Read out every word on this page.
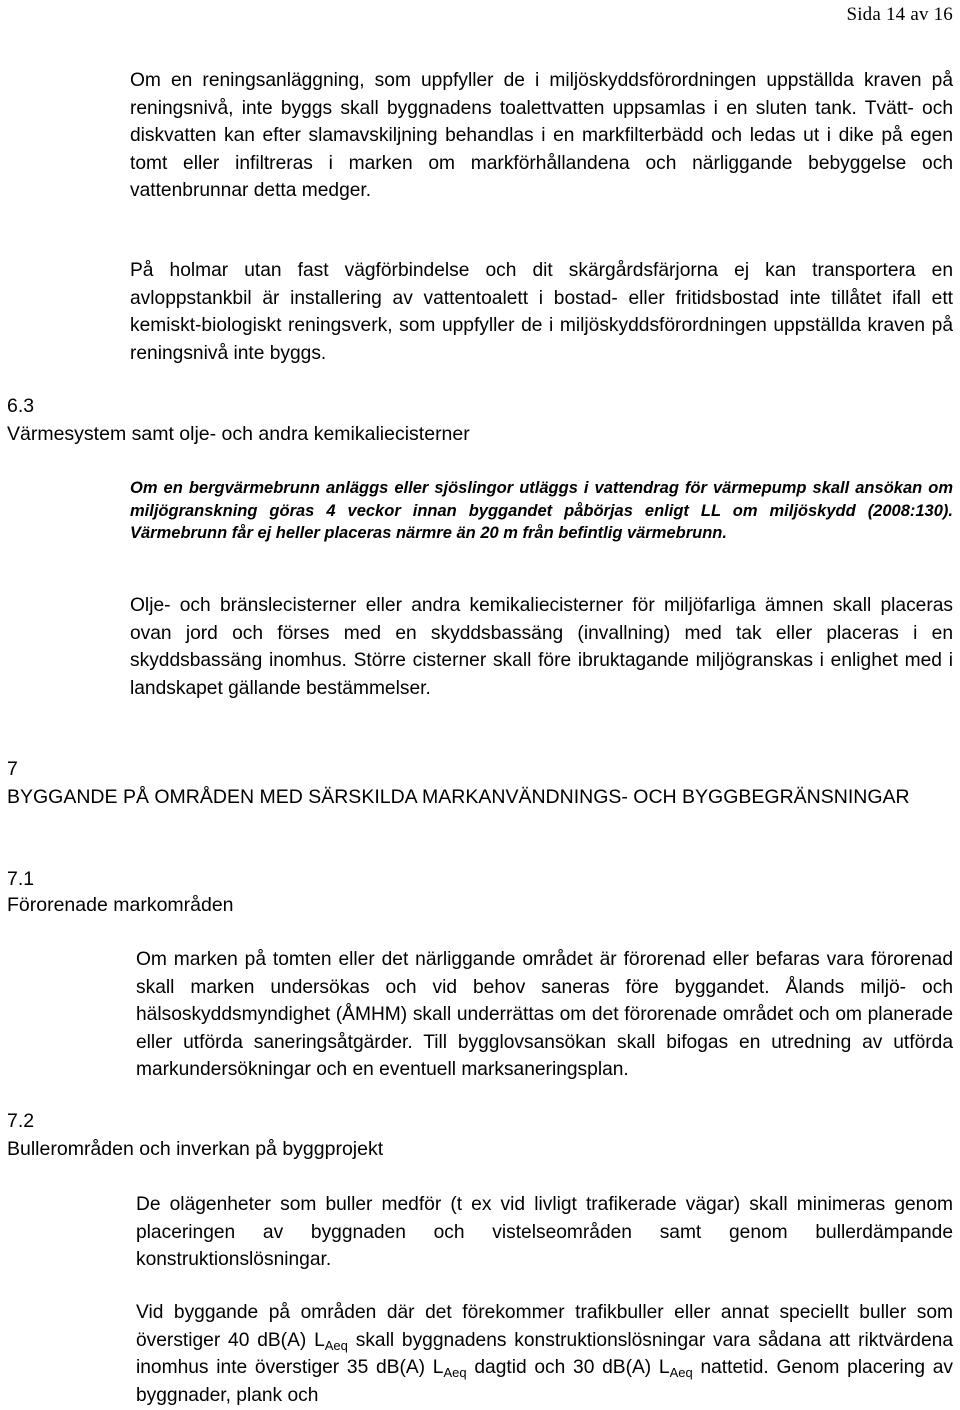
Sida 14 av 16

Om en reningsanläggning, som uppfyller de i miljöskyddsförordningen uppställda kraven på reningsnivå, inte byggs skall byggnadens toalettvatten uppsamlas i en sluten tank. Tvätt- och diskvatten kan efter slamavskiljning behandlas i en markfilterbädd och ledas ut i dike på egen tomt eller infiltreras i marken om markförhållandena och närliggande bebyggelse och vattenbrunnar detta medger.

På holmar utan fast vägförbindelse och dit skärgårdsfärjorna ej kan transportera en avloppstankbil är installering av vattentoalett i bostad- eller fritidsbostad inte tillåtet ifall ett kemiskt-biologiskt reningsverk, som uppfyller de i miljöskyddsförordningen uppställda kraven på reningsnivå inte byggs.

6.3
Värmesystem samt olje- och andra kemikaliecisterner

Om en bergvärmebrunn anläggs eller sjöslingor utläggs i vattendrag för värmepump skall ansökan om miljögranskning göras 4 veckor innan byggandet påbörjas enligt LL om miljöskydd (2008:130). Värmebrunn får ej heller placeras närmre än 20 m från befintlig värmebrunn.

Olje- och bränslecisterner eller andra kemikaliecisterner för miljöfarliga ämnen skall placeras ovan jord och förses med en skyddsbassäng (invallning) med tak eller placeras i en skyddsbassäng inomhus. Större cisterner skall före ibruktagande miljögranskas i enlighet med i landskapet gällande bestämmelser.

7
BYGGANDE PÅ OMRÅDEN MED SÄRSKILDA MARKANVÄNDNINGS- OCH BYGGBEGRÄNSNINGAR
7.1
Förorenade markområden

Om marken på tomten eller det närliggande området är förorenad eller befaras vara förorenad skall marken undersökas och vid behov saneras före byggandet. Ålands miljö- och hälsoskyddsmyndighet (ÅMHM) skall underrättas om det förorenade området och om planerade eller utförda saneringsåtgärder. Till bygglovsansökan skall bifogas en utredning av utförda markundersökningar och en eventuell marksaneringsplan.

7.2
Bullerområden och inverkan på byggprojekt

De olägenheter som buller medför (t ex vid livligt trafikerade vägar) skall minimeras genom placeringen av byggnaden och vistelseområden samt genom bullerdämpande konstruktionslösningar.

Vid byggande på områden där det förekommer trafikbuller eller annat speciellt buller som överstiger 40 dB(A) $L_{Aeq}$ skall byggnadens konstruktionslösningar vara sådana att riktvärdena inomhus inte överstiger 35 dB(A) $L_{Aeq}$ dagtid och 30 dB(A) $L_{Aeq}$ nattetid. Genom placering av byggnader, plank och
